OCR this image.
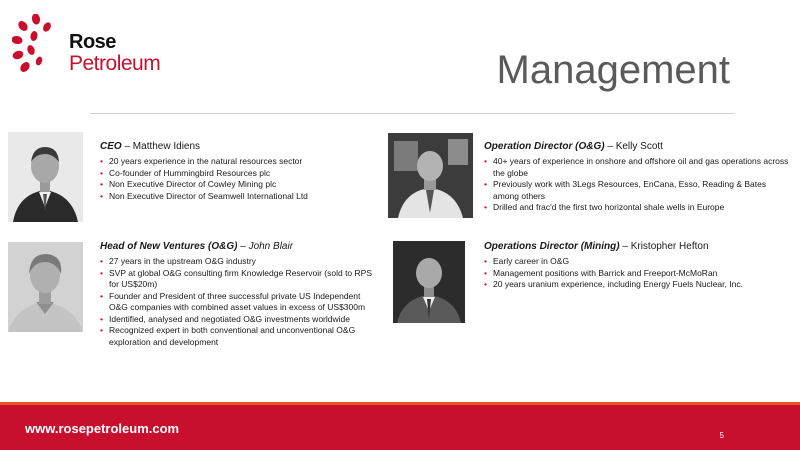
Rose
Petroleum	Management
CEO – Matthew Idiens
• 20 years experience in the natural resources sector
• Co-founder of Hummingbird Resources plc
• Non Executive Director of Cowley Mining plc
• Non Executive Director of Seamwell International Ltd
Head of New Ventures (O&G) – John Blair
• 27 years in the upstream O&G industry
• SVP at global O&G consulting firm Knowledge Reservoir (sold to RPS for US$20m)
• Founder and President of three successful private US Independent O&G companies with combined asset values in excess of US$300m
• Identified, analysed and negotiated O&G investments worldwide
• Recognized expert in both conventional and unconventional O&G exploration and development
Operation Director (O&G) – Kelly Scott
• 40+ years of experience in onshore and offshore oil and gas operations across the globe
• Previously work with 3Legs Resources, EnCana, Esso, Reading & Bates among others
• Drilled and frac'd the first two horizontal shale wells in Europe
Operations Director (Mining) – Kristopher Hefton
• Early career in O&G
• Management positions with Barrick and Freeport-McMoRan
• 20 years uranium experience, including Energy Fuels Nuclear, Inc.
www.rosepetroleum.com	5
